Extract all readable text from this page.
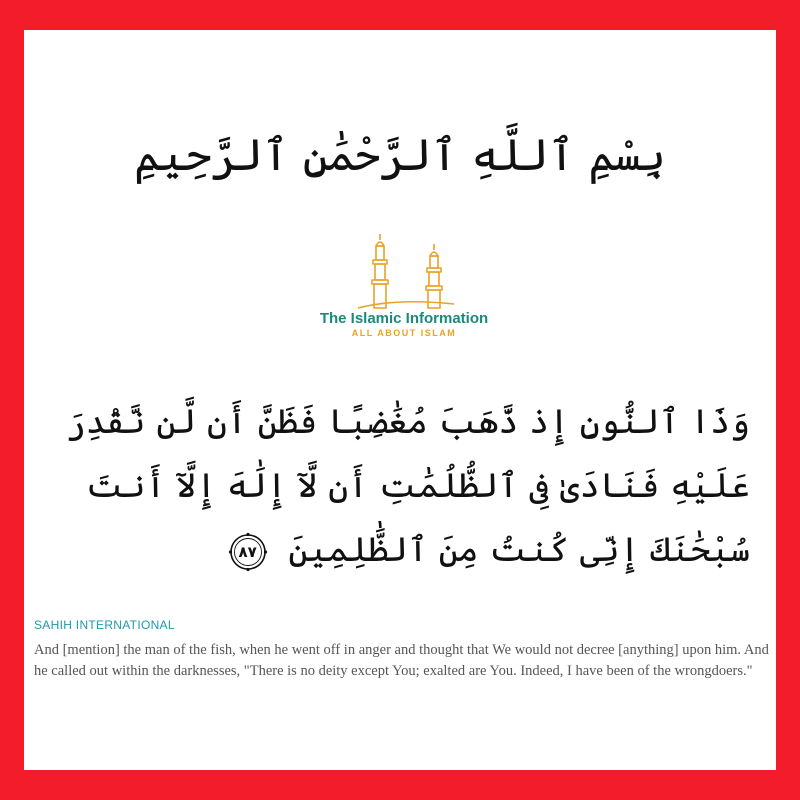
بِسْمِ ٱللَّهِ ٱلرَّحْمَٰنِ ٱلرَّحِيمِ
The Islamic Information
ALL ABOUT ISLAM
وَذَا ٱلنُّونِ إِذ ذَّهَبَ مُغَٰضِبًا فَظَنَّ أَن لَّن نَّقْدِرَ عَلَيْهِ فَنَادَىٰ فِى ٱلظُّلُمَٰتِ أَن لَّآ إِلَٰهَ إِلَّآ أَنتَ سُبْحَٰنَكَ إِنِّى كُنتُ مِنَ ٱلظَّٰلِمِينَ
٨٧
SAHIH INTERNATIONAL
And [mention] the man of the fish, when he went off in anger and thought that We would not decree [anything] upon him. And he called out within the darknesses, "There is no deity except You; exalted are You. Indeed, I have been of the wrongdoers."
